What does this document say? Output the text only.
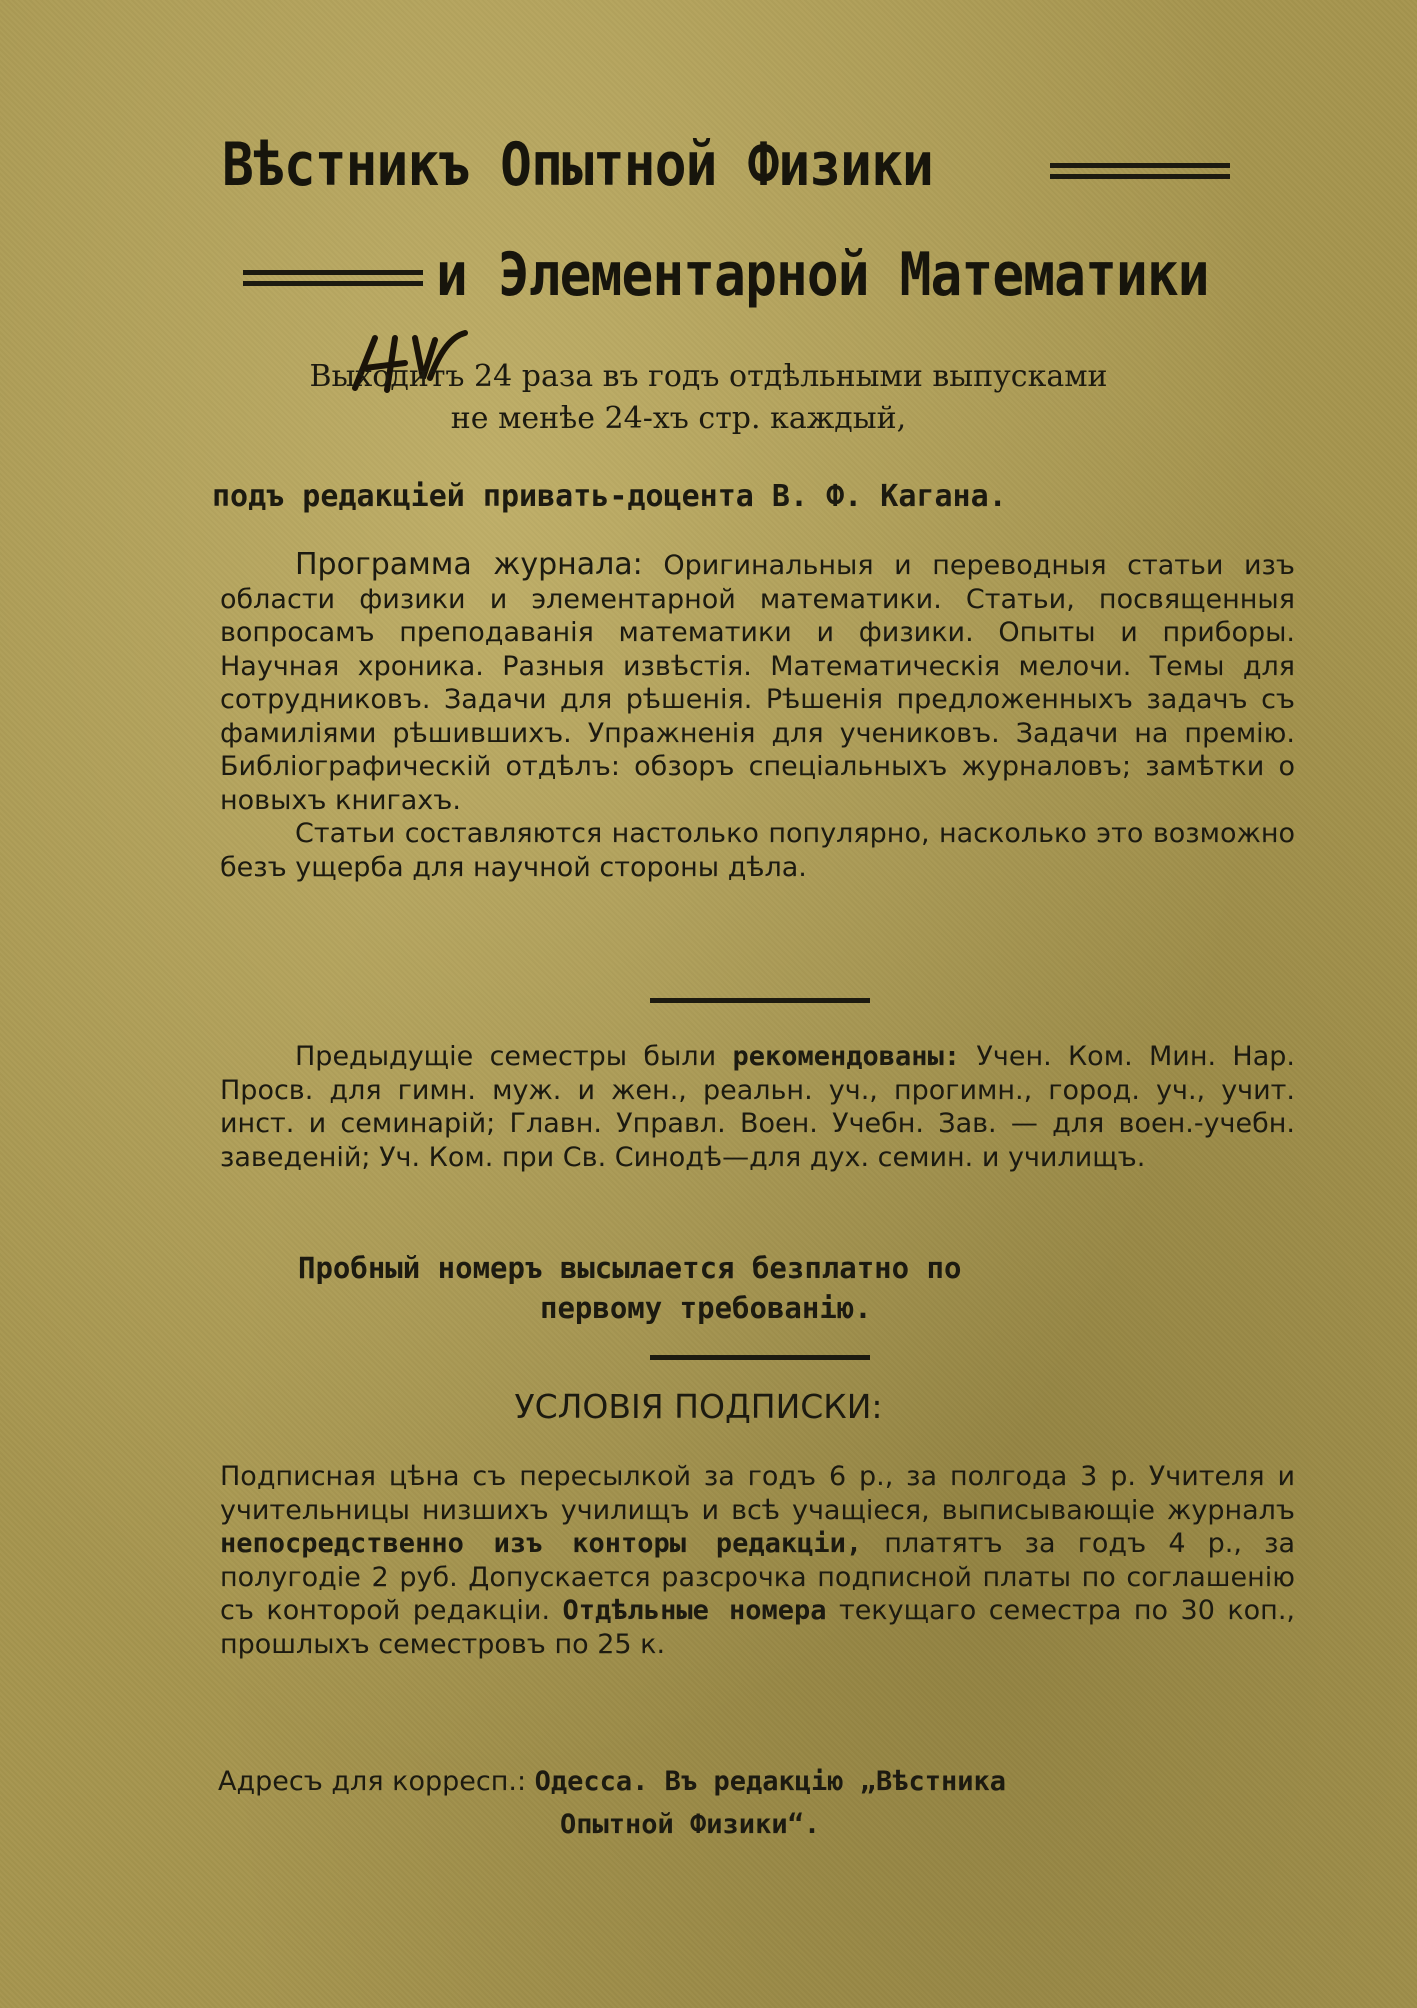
Вѣстникъ Опытной Физики
и Элементарной Математики
Выходитъ 24 раза въ годъ отдѣльными выпусками
не менѣе 24-хъ стр. каждый,
подъ редакціей привать-доцента В. Ф. Кагана.
Программа журнала: Оригинальныя и переводныя статьи изъ области физики и элементарной математики. Статьи, посвященныя вопросамъ преподаванія математики и физики. Опыты и приборы. Научная хроника. Разныя извѣстія. Математическія мелочи. Темы для сотрудниковъ. Задачи для рѣшенія. Рѣшенія предложенныхъ задачъ съ фамиліями рѣшившихъ. Упражненія для учениковъ. Задачи на премію. Библіографическій отдѣлъ: обзоръ спеціальныхъ журналовъ; замѣтки о новыхъ книгахъ.
Статьи составляются настолько популярно, насколько это возможно безъ ущерба для научной стороны дѣла.
Предыдущіе семестры были рекомендованы: Учен. Ком. Мин. Нар. Просв. для гимн. муж. и жен., реальн. уч., прогимн., город. уч., учит. инст. и семинарій; Главн. Управл. Воен. Учебн. Зав. — для воен.-учебн. заведеній; Уч. Ком. при Св. Синодѣ—для дух. семин. и училищъ.
Пробный номеръ высылается безплатно по
первому требованію.
УСЛОВІЯ ПОДПИСКИ:
Подписная цѣна съ пересылкой за годъ 6 р., за полгода 3 р. Учителя и учительницы низшихъ училищъ и всѣ учащіеся, выписывающіе журналъ непосредственно изъ конторы редакціи, платятъ за годъ 4 р., за полугодіе 2 руб. Допускается разсрочка подписной платы по соглашенію съ конторой редакціи. Отдѣльные номера текущаго семестра по 30 коп., прошлыхъ семестровъ по 25 к.
Адресъ для корресп.: Одесса. Въ редакцію „Вѣстника
Опытной Физики“.
